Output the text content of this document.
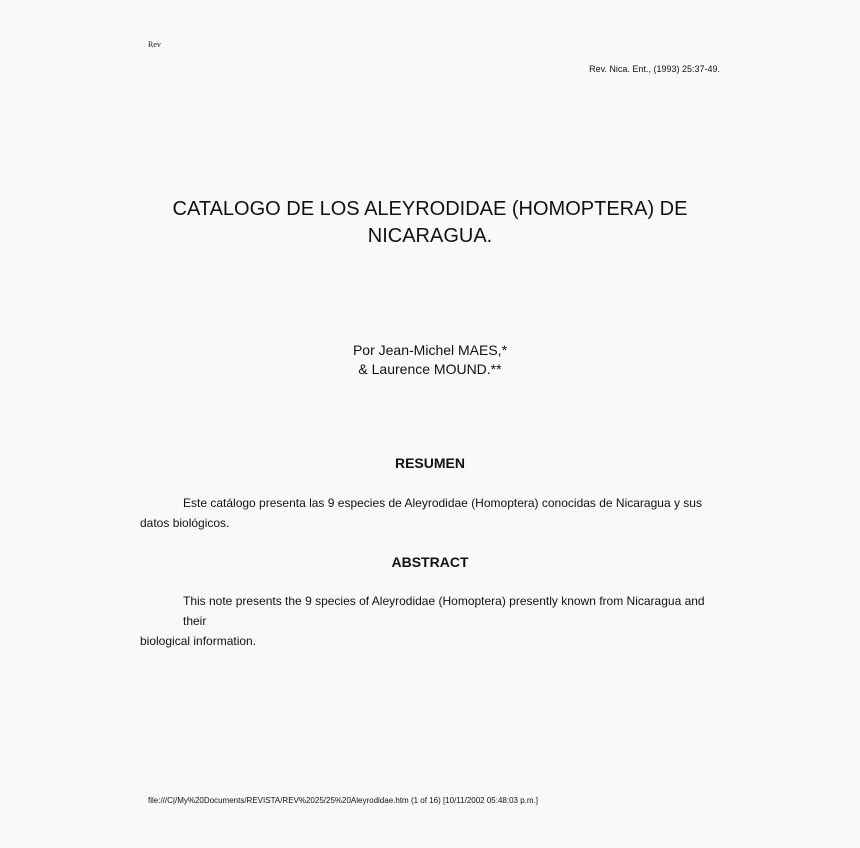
Rev
Rev. Nica. Ent., (1993) 25:37-49.
CATALOGO DE LOS ALEYRODIDAE (HOMOPTERA) DE
NICARAGUA.
Por Jean-Michel MAES,*
& Laurence MOUND.**
RESUMEN
Este catálogo presenta las 9 especies de Aleyrodidae (Homoptera) conocidas de Nicaragua y sus
datos biológicos.
ABSTRACT
This note presents the 9 species of Aleyrodidae (Homoptera) presently known from Nicaragua and their
biological information.
file:///C|/My%20Documents/REVISTA/REV%2025/25%20Aleyrodidae.htm (1 of 16) [10/11/2002 05:48:03 p.m.]
